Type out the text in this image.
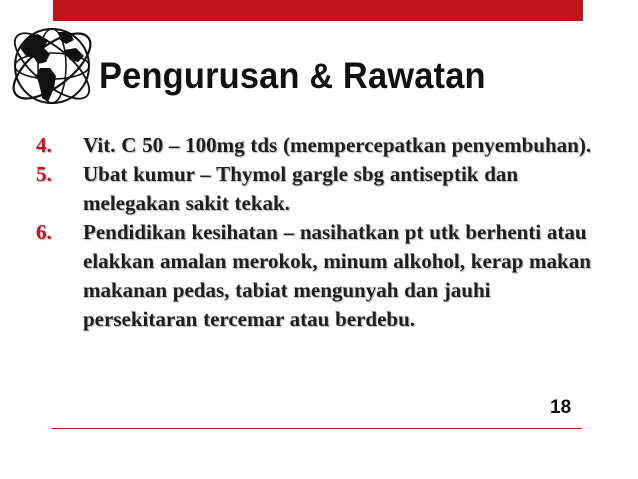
Pengurusan & Rawatan
4.	Vit. C 50 – 100mg tds (mempercepatkan penyembuhan).
5.	Ubat kumur – Thymol gargle sbg antiseptik dan melegakan sakit tekak.
6.	Pendidikan kesihatan – nasihatkan pt utk berhenti atau elakkan amalan merokok, minum alkohol, kerap makan makanan pedas, tabiat mengunyah dan jauhi persekitaran tercemar atau berdebu.
18
